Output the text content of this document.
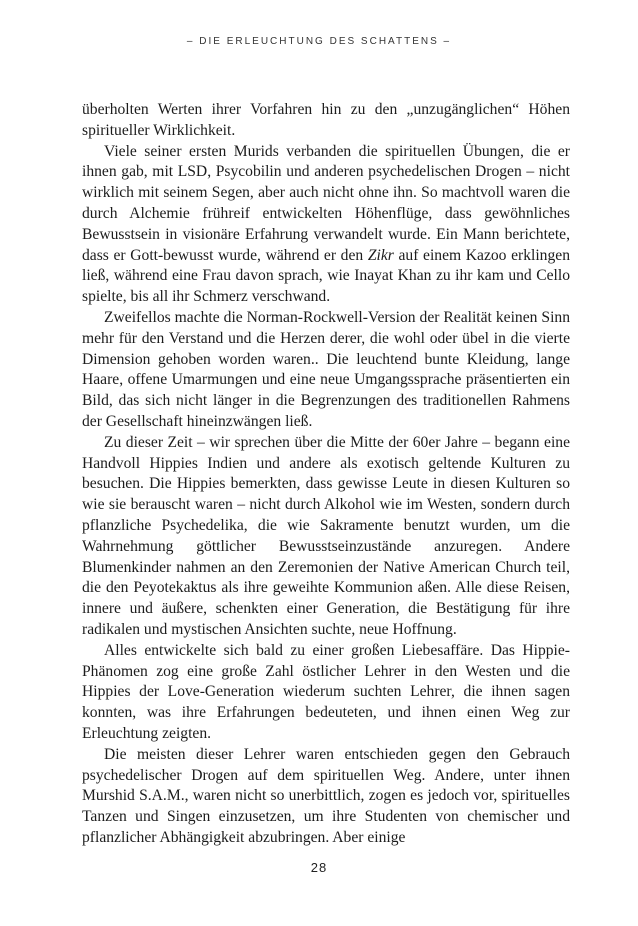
– DIE ERLEUCHTUNG DES SCHATTENS –

überholten Werten ihrer Vorfahren hin zu den „unzugänglichen“ Höhen spiritueller Wirklichkeit.

Viele seiner ersten Murids verbanden die spirituellen Übungen, die er ihnen gab, mit LSD, Psycobilin und anderen psychedelischen Drogen – nicht wirklich mit seinem Segen, aber auch nicht ohne ihn. So machtvoll waren die durch Alchemie frühreif entwickelten Höhenflüge, dass gewöhnliches Bewusstsein in visionäre Erfahrung verwandelt wurde. Ein Mann berichtete, dass er Gott-bewusst wurde, während er den Zikr auf einem Kazoo erklingen ließ, während eine Frau davon sprach, wie Inayat Khan zu ihr kam und Cello spielte, bis all ihr Schmerz verschwand.

Zweifellos machte die Norman-Rockwell-Version der Realität keinen Sinn mehr für den Verstand und die Herzen derer, die wohl oder übel in die vierte Dimension gehoben worden waren.. Die leuchtend bunte Kleidung, lange Haare, offene Umarmungen und eine neue Umgangssprache präsentierten ein Bild, das sich nicht länger in die Begrenzungen des traditionellen Rahmens der Gesellschaft hineinzwängen ließ.

Zu dieser Zeit – wir sprechen über die Mitte der 60er Jahre – begann eine Handvoll Hippies Indien und andere als exotisch geltende Kulturen zu besuchen. Die Hippies bemerkten, dass gewisse Leute in diesen Kulturen so wie sie berauscht waren – nicht durch Alkohol wie im Westen, sondern durch pflanzliche Psychedelika, die wie Sakramente benutzt wurden, um die Wahrnehmung göttlicher Bewusstseinzustände anzuregen. Andere Blumenkinder nahmen an den Zeremonien der Native American Church teil, die den Peyotekaktus als ihre geweihte Kommunion aßen. Alle diese Reisen, innere und äußere, schenkten einer Generation, die Bestätigung für ihre radikalen und mystischen Ansichten suchte, neue Hoffnung.

Alles entwickelte sich bald zu einer großen Liebesaffäre. Das Hippie-Phänomen zog eine große Zahl östlicher Lehrer in den Westen und die Hippies der Love-Generation wiederum suchten Lehrer, die ihnen sagen konnten, was ihre Erfahrungen bedeuteten, und ihnen einen Weg zur Erleuchtung zeigten.

Die meisten dieser Lehrer waren entschieden gegen den Gebrauch psychedelischer Drogen auf dem spirituellen Weg. Andere, unter ihnen Murshid S.A.M., waren nicht so unerbittlich, zogen es jedoch vor, spirituelles Tanzen und Singen einzusetzen, um ihre Studenten von chemischer und pflanzlicher Abhängigkeit abzubringen. Aber einige

28
